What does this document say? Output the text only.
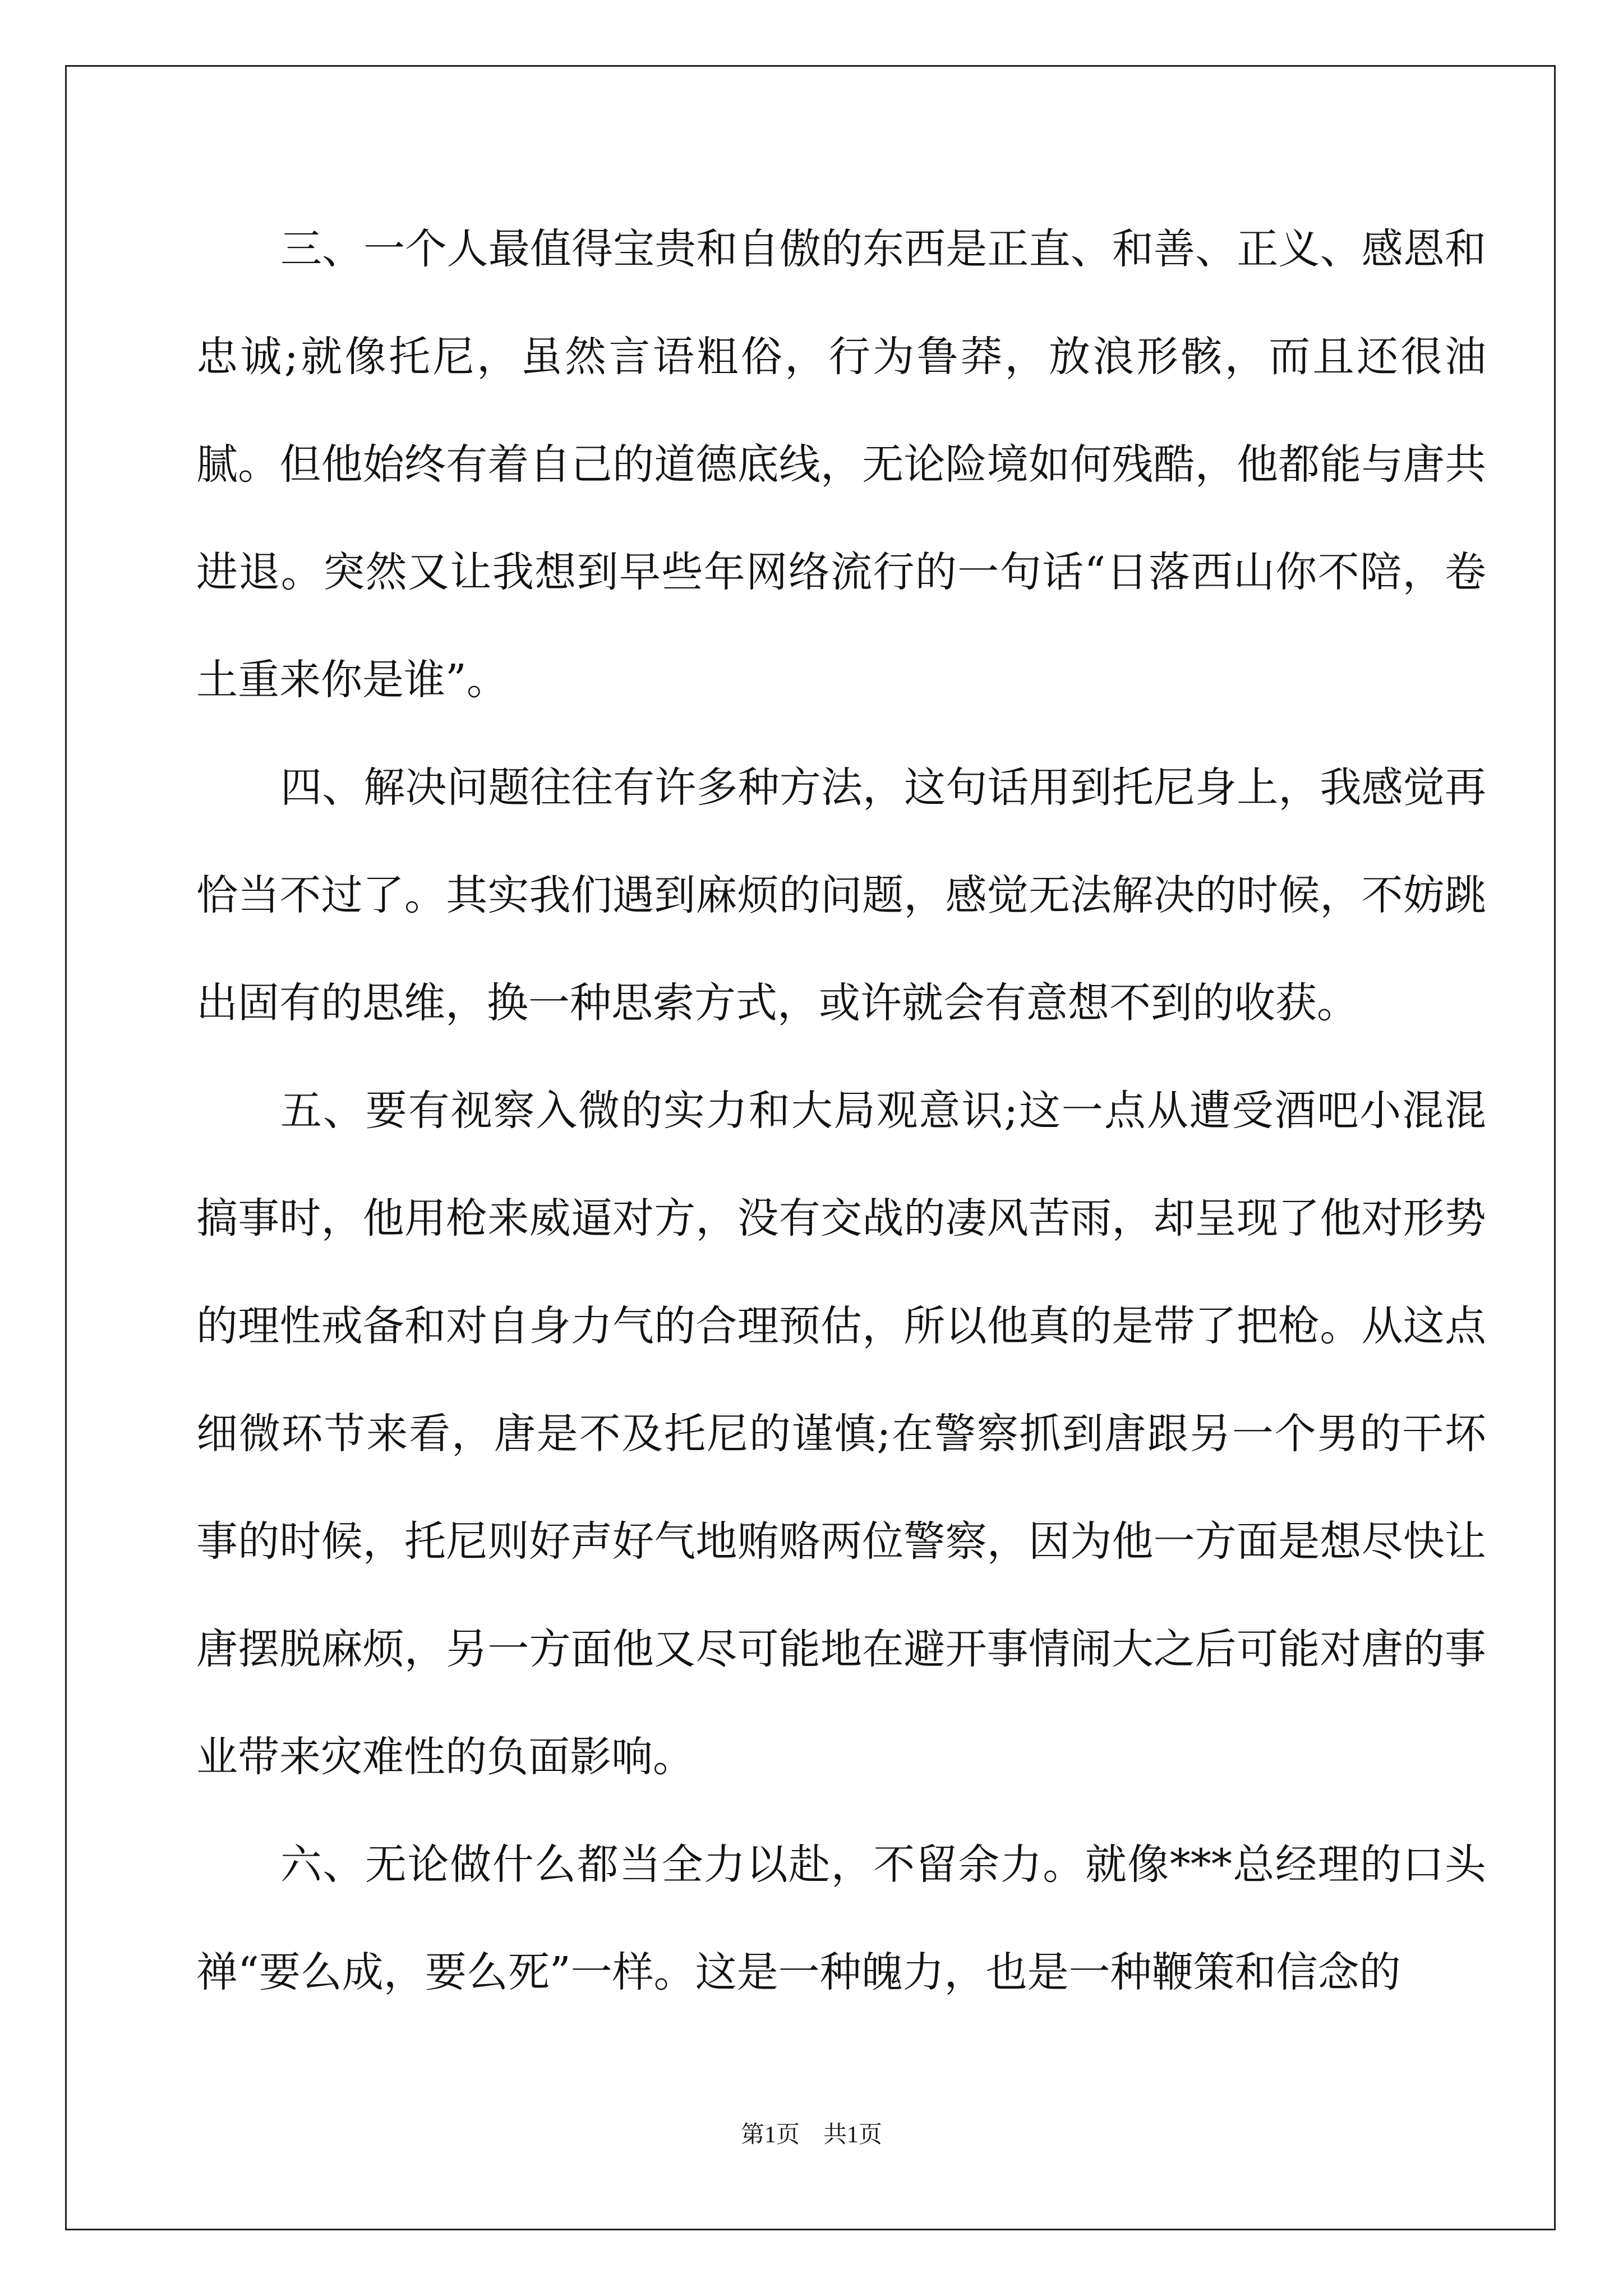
三、一个人最值得宝贵和自傲的东西是正直、和善、正义、感恩和忠诚;就像托尼，虽然言语粗俗，行为鲁莽，放浪形骸，而且还很油腻。但他始终有着自己的道德底线，无论险境如何残酷，他都能与唐共进退。突然又让我想到早些年网络流行的一句话“日落西山你不陪，卷土重来你是谁”。

四、解决问题往往有许多种方法，这句话用到托尼身上，我感觉再恰当不过了。其实我们遇到麻烦的问题，感觉无法解决的时候，不妨跳出固有的思维，换一种思索方式，或许就会有意想不到的收获。

五、要有视察入微的实力和大局观意识;这一点从遭受酒吧小混混搞事时，他用枪来威逼对方，没有交战的凄风苦雨，却呈现了他对形势的理性戒备和对自身力气的合理预估，所以他真的是带了把枪。从这点细微环节来看，唐是不及托尼的谨慎;在警察抓到唐跟另一个男的干坏事的时候，托尼则好声好气地贿赂两位警察，因为他一方面是想尽快让唐摆脱麻烦，另一方面他又尽可能地在避开事情闹大之后可能对唐的事业带来灾难性的负面影响。

六、无论做什么都当全力以赴，不留余力。就像***总经理的口头禅“要么成，要么死”一样。这是一种魄力，也是一种鞭策和信念的

第1页　共1页
